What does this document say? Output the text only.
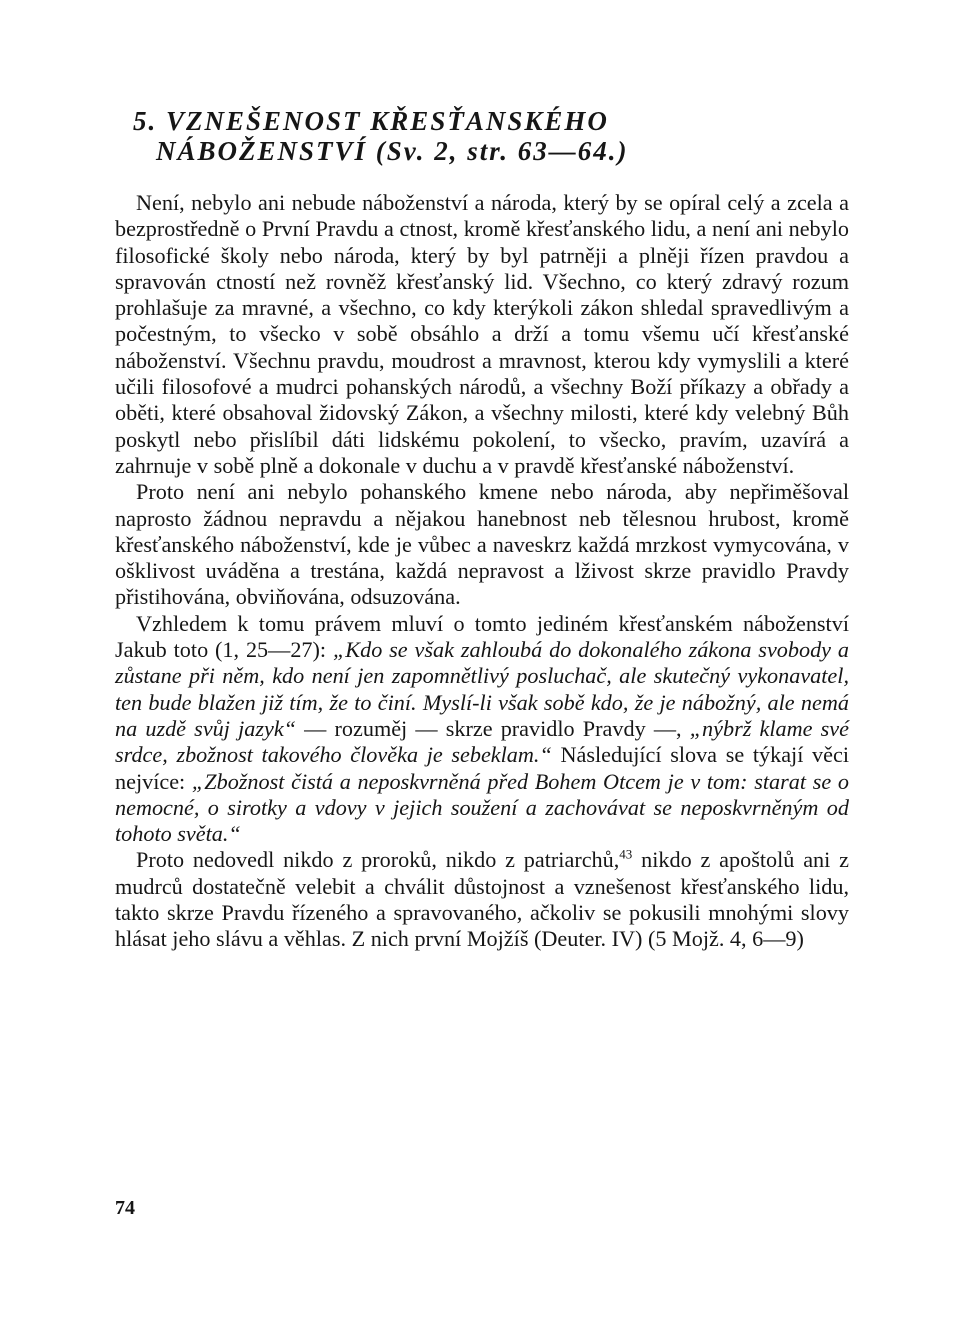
5. VZNEŠENOST KŘESŤANSKÉHO
NÁBOŽENSTVÍ (Sv. 2, str. 63—64.)

Není, nebylo ani nebude náboženství a národa, který by se opíral celý a zcela a bezprostředně o První Pravdu a ctnost, kromě křesťanského lidu, a není ani nebylo filosofické školy nebo národa, který by byl patrněji a plněji řízen pravdou a spravován ctností než rovněž křesťanský lid. Všechno, co který zdravý rozum prohlašuje za mravné, a všechno, co kdy kterýkoli zákon shledal spravedlivým a počestným, to všecko v sobě obsáhlo a drží a tomu všemu učí křesťanské náboženství. Všechnu pravdu, moudrost a mravnost, kterou kdy vymyslili a které učili filosofové a mudrci pohanských národů, a všechny Boží příkazy a obřady a oběti, které obsahoval židovský Zákon, a všechny milosti, které kdy velebný Bůh poskytl nebo přislíbil dáti lidskému pokolení, to všecko, pravím, uzavírá a zahrnuje v sobě plně a dokonale v duchu a v pravdě křesťanské náboženství.

Proto není ani nebylo pohanského kmene nebo národa, aby nepřiměšoval naprosto žádnou nepravdu a nějakou hanebnost neb tělesnou hrubost, kromě křesťanského náboženství, kde je vůbec a naveskrz každá mrzkost vymycována, v ošklivost uváděna a trestána, každá nepravost a lživost skrze pravidlo Pravdy přistihována, obviňována, odsuzována.

Vzhledem k tomu právem mluví o tomto jediném křesťanském náboženství Jakub toto (1, 25—27): „Kdo se však zahloubá do dokonalého zákona svobody a zůstane při něm, kdo není jen zapomnětlivý posluchač, ale skutečný vykonavatel, ten bude blažen již tím, že to činí. Myslí-li však sobě kdo, že je nábožný, ale nemá na uzdě svůj jazyk“ — rozuměj — skrze pravidlo Pravdy —, „nýbrž klame své srdce, zbožnost takového člověka je sebeklam.“ Následující slova se týkají věci nejvíce: „Zbožnost čistá a neposkvrněná před Bohem Otcem je v tom: starat se o nemocné, o sirotky a vdovy v jejich soužení a zachovávat se neposkvrněným od tohoto světa.“

Proto nedovedl nikdo z proroků, nikdo z patriarchů,$^{43}$ nikdo z apoštolů ani z mudrců dostatečně velebit a chválit důstojnost a vznešenost křesťanského lidu, takto skrze Pravdu řízeného a spravovaného, ačkoliv se pokusili mnohými slovy hlásat jeho slávu a věhlas. Z nich první Mojžíš (Deuter. IV) (5 Mojž. 4, 6—9)

74
